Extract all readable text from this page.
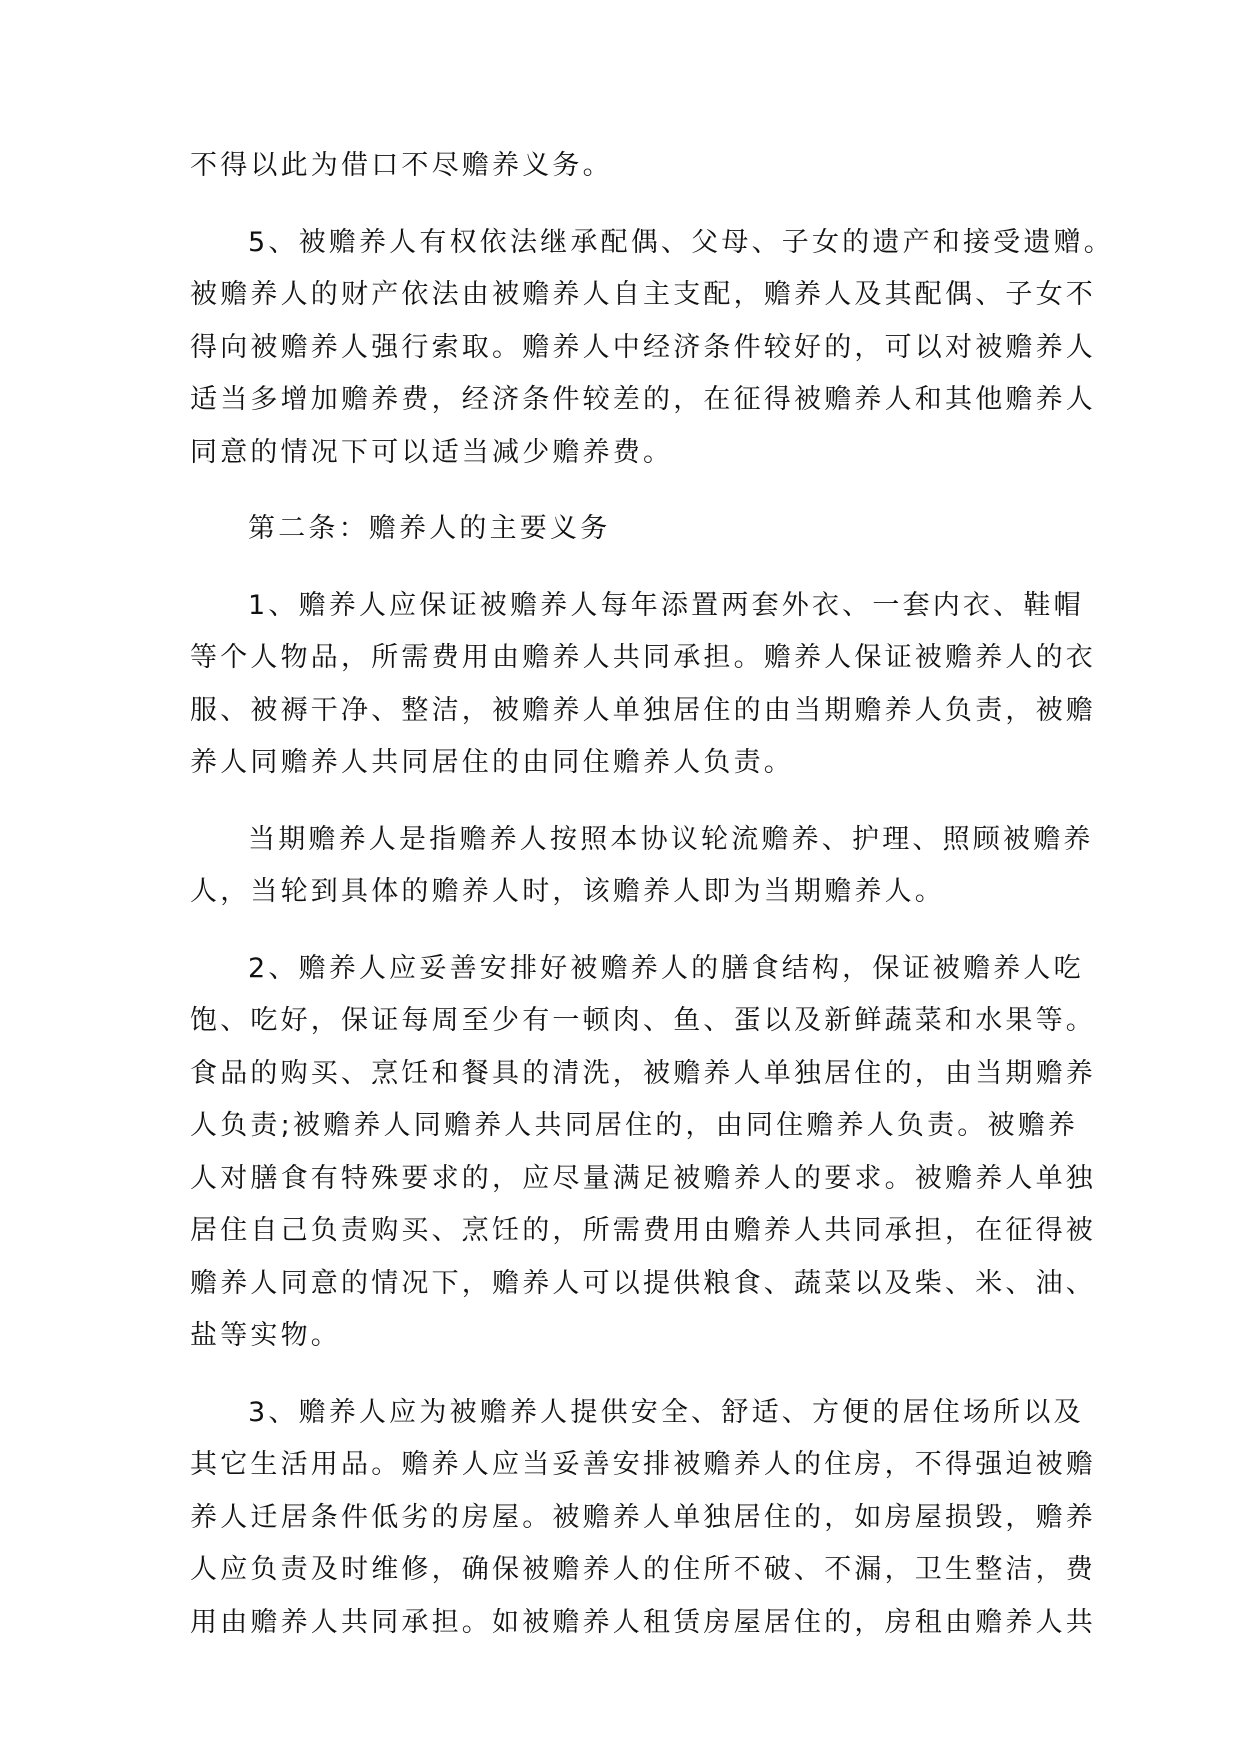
不得以此为借口不尽赡养义务。

5、被赡养人有权依法继承配偶、父母、子女的遗产和接受遗赠。
被赡养人的财产依法由被赡养人自主支配，赡养人及其配偶、子女不
得向被赡养人强行索取。赡养人中经济条件较好的，可以对被赡养人
适当多增加赡养费，经济条件较差的，在征得被赡养人和其他赡养人
同意的情况下可以适当减少赡养费。

第二条：赡养人的主要义务

1、赡养人应保证被赡养人每年添置两套外衣、一套内衣、鞋帽
等个人物品，所需费用由赡养人共同承担。赡养人保证被赡养人的衣
服、被褥干净、整洁，被赡养人单独居住的由当期赡养人负责，被赡
养人同赡养人共同居住的由同住赡养人负责。

当期赡养人是指赡养人按照本协议轮流赡养、护理、照顾被赡养
人，当轮到具体的赡养人时，该赡养人即为当期赡养人。

2、赡养人应妥善安排好被赡养人的膳食结构，保证被赡养人吃
饱、吃好，保证每周至少有一顿肉、鱼、蛋以及新鲜蔬菜和水果等。
食品的购买、烹饪和餐具的清洗，被赡养人单独居住的，由当期赡养
人负责;被赡养人同赡养人共同居住的，由同住赡养人负责。被赡养
人对膳食有特殊要求的，应尽量满足被赡养人的要求。被赡养人单独
居住自己负责购买、烹饪的，所需费用由赡养人共同承担，在征得被
赡养人同意的情况下，赡养人可以提供粮食、蔬菜以及柴、米、油、
盐等实物。

3、赡养人应为被赡养人提供安全、舒适、方便的居住场所以及
其它生活用品。赡养人应当妥善安排被赡养人的住房，不得强迫被赡
养人迁居条件低劣的房屋。被赡养人单独居住的，如房屋损毁，赡养
人应负责及时维修，确保被赡养人的住所不破、不漏，卫生整洁，费
用由赡养人共同承担。如被赡养人租赁房屋居住的，房租由赡养人共
